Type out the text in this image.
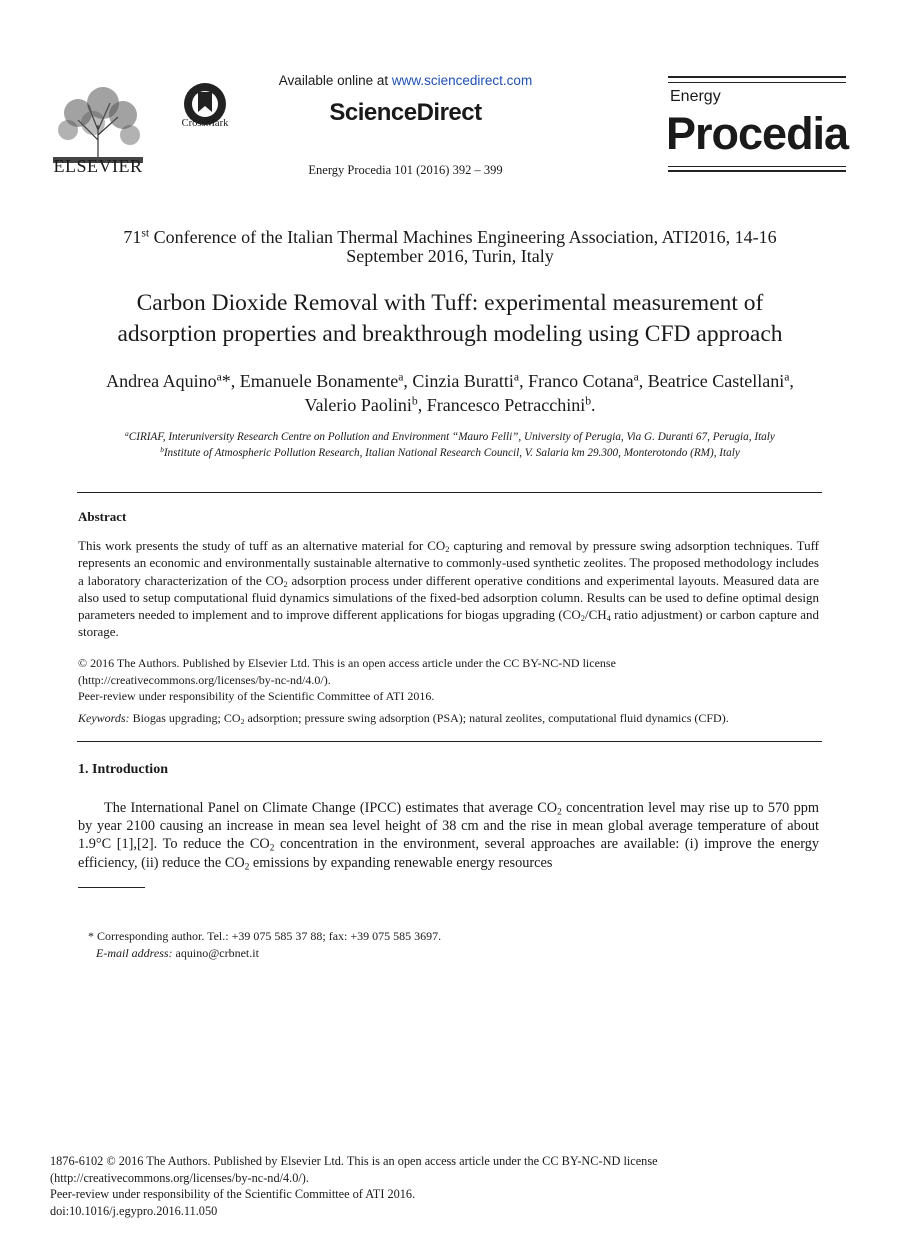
ELSEVIER
CrossMark
Available online at www.sciencedirect.com
ScienceDirect
Energy Procedia 101 (2016) 392 – 399
Energy
Procedia
71st Conference of the Italian Thermal Machines Engineering Association, ATI2016, 14-16
September 2016, Turin, Italy
Carbon Dioxide Removal with Tuff: experimental measurement of
adsorption properties and breakthrough modeling using CFD approach
Andrea Aquino$^a$*, Emanuele Bonamente$^a$, Cinzia Buratti$^a$, Franco Cotana$^a$, Beatrice Castellani$^a$, Valerio Paolini$^b$, Francesco Petracchini$^b$.
$^a$CIRIAF, Interuniversity Research Centre on Pollution and Environment “Mauro Felli”, University of Perugia, Via G. Duranti 67, Perugia, Italy
$^b$Institute of Atmospheric Pollution Research, Italian National Research Council, V. Salaria km 29.300, Monterotondo (RM), Italy
Abstract
This work presents the study of tuff as an alternative material for $CO_2$ capturing and removal by pressure swing adsorption techniques. Tuff represents an economic and environmentally sustainable alternative to commonly-used synthetic zeolites. The proposed methodology includes a laboratory characterization of the $CO_2$ adsorption process under different operative conditions and experimental layouts. Measured data are also used to setup computational fluid dynamics simulations of the fixed-bed adsorption column. Results can be used to define optimal design parameters needed to implement and to improve different applications for biogas upgrading ($CO_2/CH_4$ ratio adjustment) or carbon capture and storage.
© 2016 The Authors. Published by Elsevier Ltd. This is an open access article under the CC BY-NC-ND license
(http://creativecommons.org/licenses/by-nc-nd/4.0/).
Peer-review under responsibility of the Scientific Committee of ATI 2016.
Keywords: Biogas upgrading; $CO_2$ adsorption; pressure swing adsorption (PSA); natural zeolites, computational fluid dynamics (CFD).
1. Introduction
The International Panel on Climate Change (IPCC) estimates that average $CO_2$ concentration level may rise up to 570 ppm by year 2100 causing an increase in mean sea level height of 38 cm and the rise in mean global average temperature of about 1.9°C [1],[2]. To reduce the $CO_2$ concentration in the environment, several approaches are available: (i) improve the energy efficiency, (ii) reduce the $CO_2$ emissions by expanding renewable energy resources
* Corresponding author. Tel.: +39 075 585 37 88; fax: +39 075 585 3697.
E-mail address: aquino@crbnet.it
1876-6102 © 2016 The Authors. Published by Elsevier Ltd. This is an open access article under the CC BY-NC-ND license
(http://creativecommons.org/licenses/by-nc-nd/4.0/).
Peer-review under responsibility of the Scientific Committee of ATI 2016.
doi:10.1016/j.egypro.2016.11.050
